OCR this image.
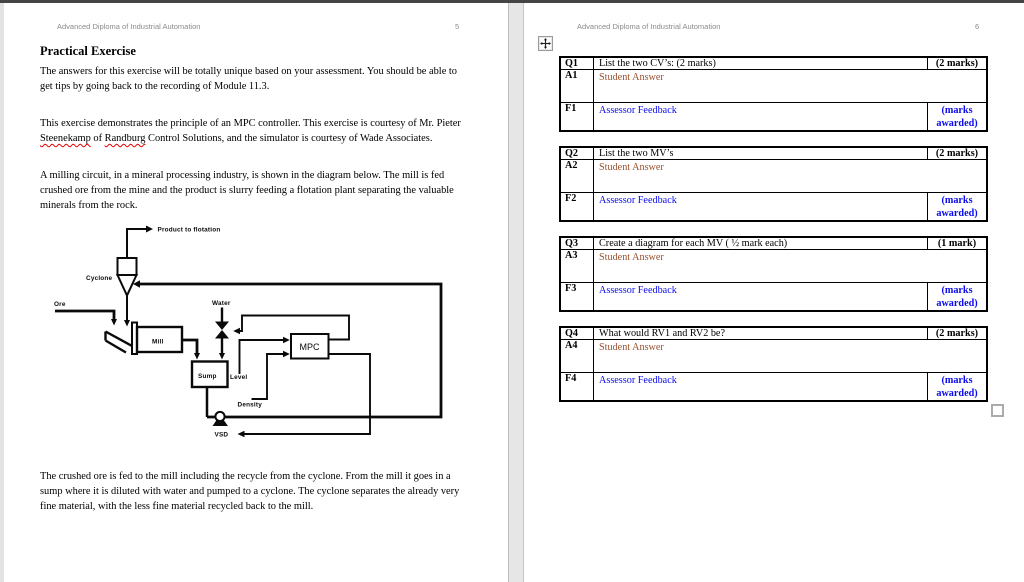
Advanced Diploma of Industrial Automation	5
Practical Exercise

The answers for this exercise will be totally unique based on your assessment. You should be able to get tips by going back to the recording of Module 11.3.

This exercise demonstrates the principle of an MPC controller. This exercise is courtesy of Mr. Pieter Steenekamp of Randburg Control Solutions, and the simulator is courtesy of Wade Associates.

A milling circuit, in a mineral processing industry, is shown in the diagram below. The mill is fed crushed ore from the mine and the product is slurry feeding a flotation plant separating the valuable minerals from the rock.

The crushed ore is fed to the mill including the recycle from the cyclone. From the mill it goes in a sump where it is diluted with water and pumped to a cyclone. The cyclone separates the already very fine material, with the less fine material recycled back to the mill.

Product to flotation
Cyclone
Ore	Water
Mill
Sump
MPC
Level
Density
VSD
Advanced Diploma of Industrial Automation	6
Q1	List the two CV’s: (2 marks)	(2 marks)
A1	Student Answer
F1	Assessor Feedback	(marks awarded)
Q2	List the two MV’s	(2 marks)
A2	Student Answer
F2	Assessor Feedback	(marks awarded)
Q3	Create a diagram for each MV ( ½ mark each)	(1 mark)
A3	Student Answer
F3	Assessor Feedback	(marks awarded)
Q4	What would RV1 and RV2 be?	(2 marks)
A4	Student Answer
F4	Assessor Feedback	(marks awarded)
